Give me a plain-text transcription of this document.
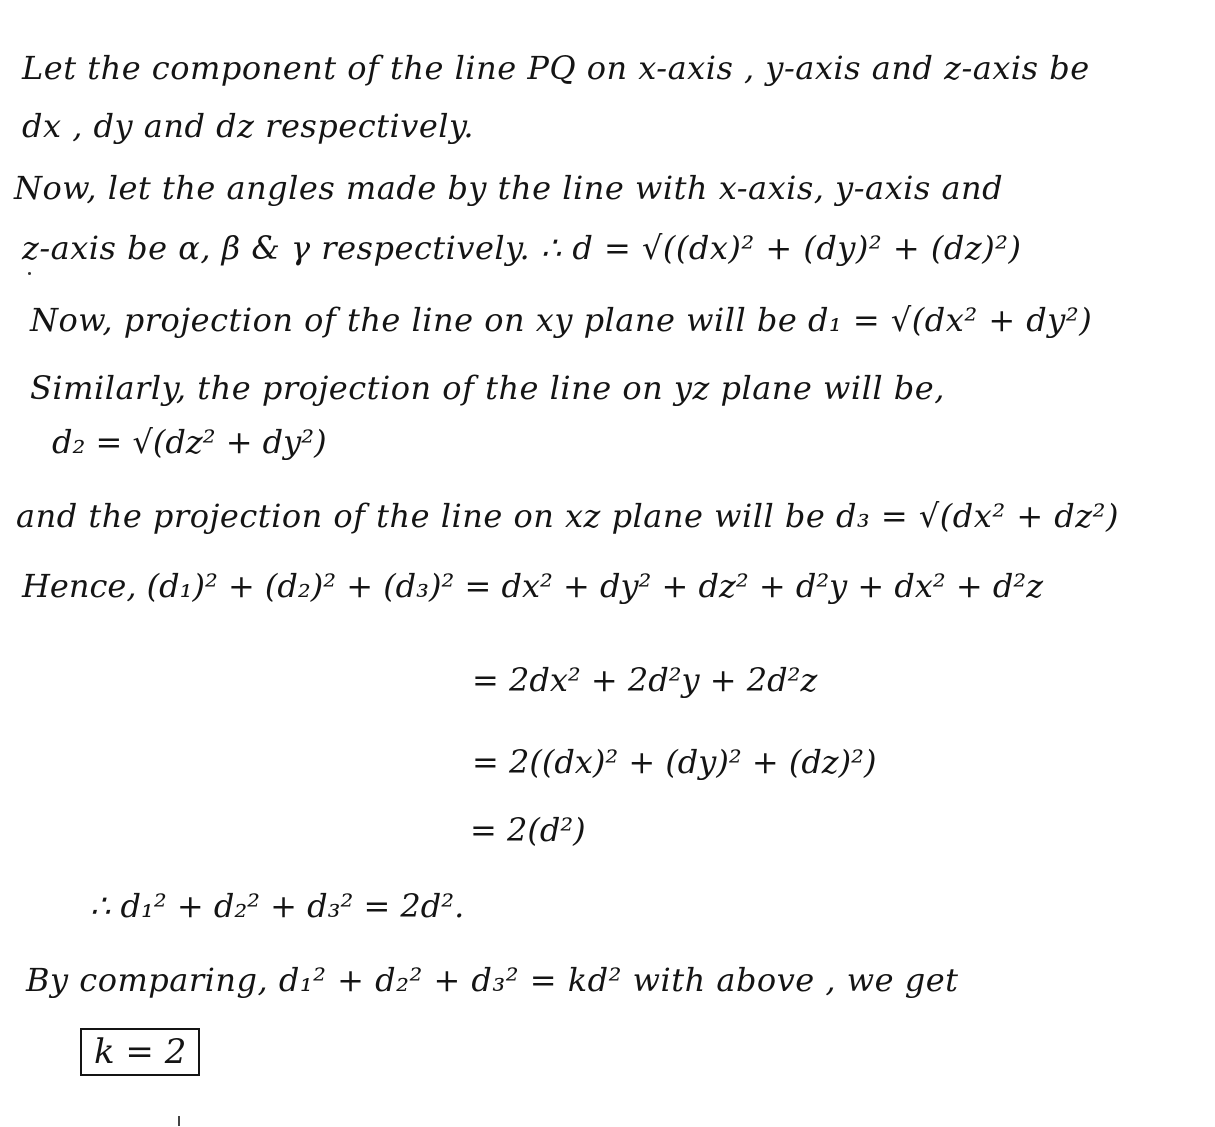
Let the component of the line PQ on x-axis , y-axis and z-axis be
dx , dy and dz respectively.
Now, let the angles made by the line with x-axis, y-axis and
z-axis be α, β & γ respectively. ∴ d = √((dx)² + (dy)² + (dz)²)
Now, projection of the line on xy plane will be d₁ = √(dx² + dy²)
Similarly, the projection of the line on yz plane will be,
d₂ = √(dz² + dy²)
and the projection of the line on xz plane will be d₃ = √(dx² + dz²)
Hence, (d₁)² + (d₂)² + (d₃)² = dx² + dy² + dz² + d²y + dx² + d²z
= 2dx² + 2d²y + 2d²z
= 2((dx)² + (dy)² + (dz)²)
= 2(d²)
∴ d₁² + d₂² + d₃² = 2d².
By comparing, d₁² + d₂² + d₃² = kd² with above , we get
k = 2
